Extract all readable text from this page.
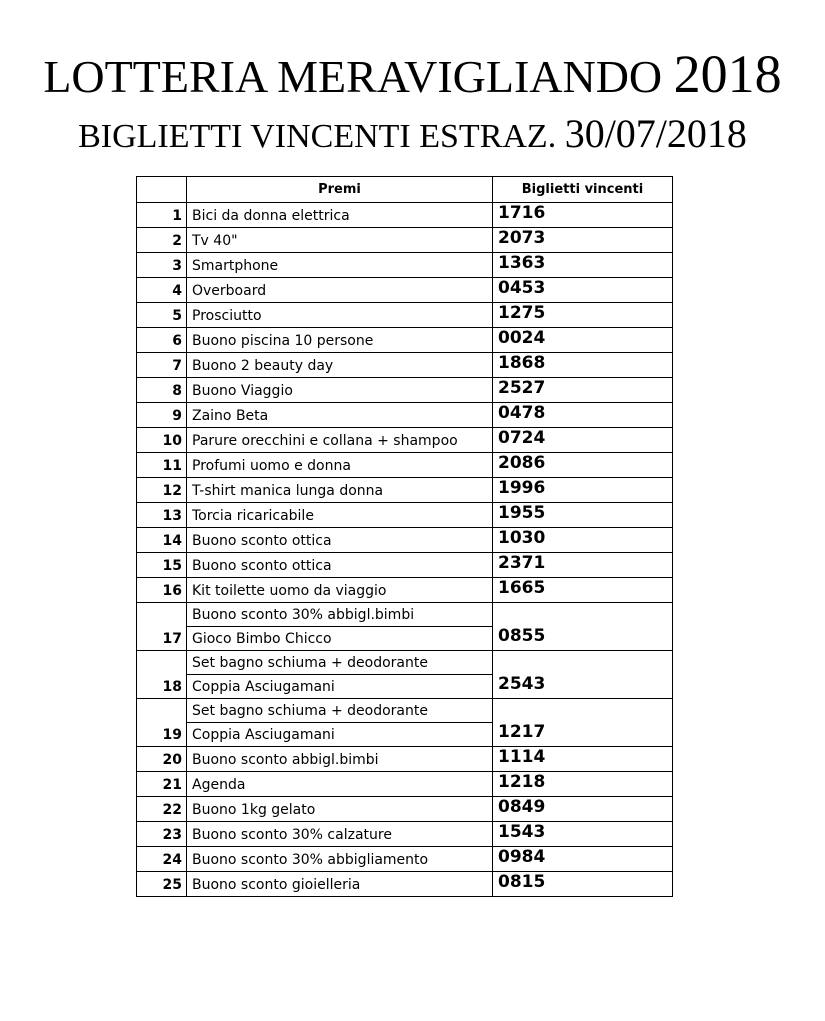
LOTTERIA MERAVIGLIANDO 2018
BIGLIETTI VINCENTI ESTRAZ. 30/07/2018
	Premi	Biglietti vincenti
1	Bici da donna elettrica	1716
2	Tv 40"	2073
3	Smartphone	1363
4	Overboard	0453
5	Prosciutto	1275
6	Buono piscina 10 persone	0024
7	Buono 2 beauty day	1868
8	Buono Viaggio	2527
9	Zaino Beta	0478
10	Parure orecchini e collana + shampoo	0724
11	Profumi uomo e donna	2086
12	T-shirt manica lunga donna	1996
13	Torcia ricaricabile	1955
14	Buono sconto ottica	1030
15	Buono sconto ottica	2371
16	Kit toilette uomo da viaggio	1665
17	Buono sconto 30% abbigl.bimbi	0855
	Gioco Bimbo Chicco	
18	Set bagno schiuma + deodorante	2543
	Coppia Asciugamani	
19	Set bagno schiuma + deodorante	1217
	Coppia Asciugamani	
20	Buono sconto abbigl.bimbi	1114
21	Agenda	1218
22	Buono 1kg gelato	0849
23	Buono sconto 30% calzature	1543
24	Buono sconto 30% abbigliamento	0984
25	Buono sconto gioielleria	0815
